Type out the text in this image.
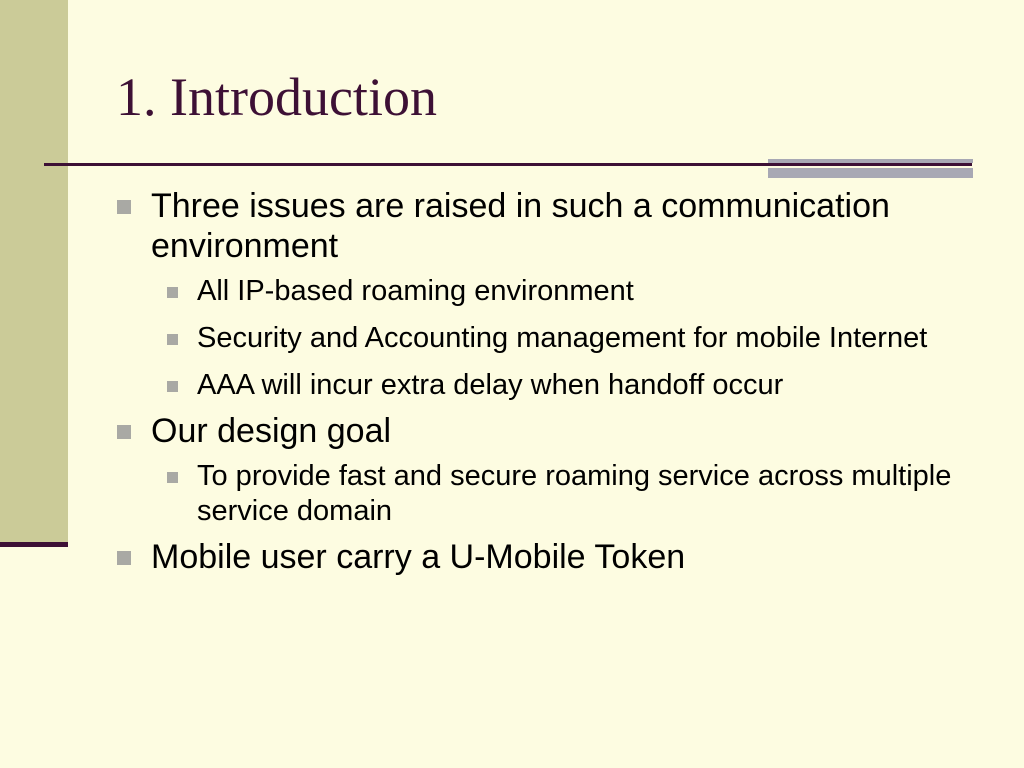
1. Introduction
Three issues are raised in such a communication environment
All IP-based roaming environment
Security and Accounting management for mobile Internet
AAA will incur extra delay when handoff occur
Our design goal
To provide fast and secure roaming service across multiple service domain
Mobile user carry a U-Mobile Token
